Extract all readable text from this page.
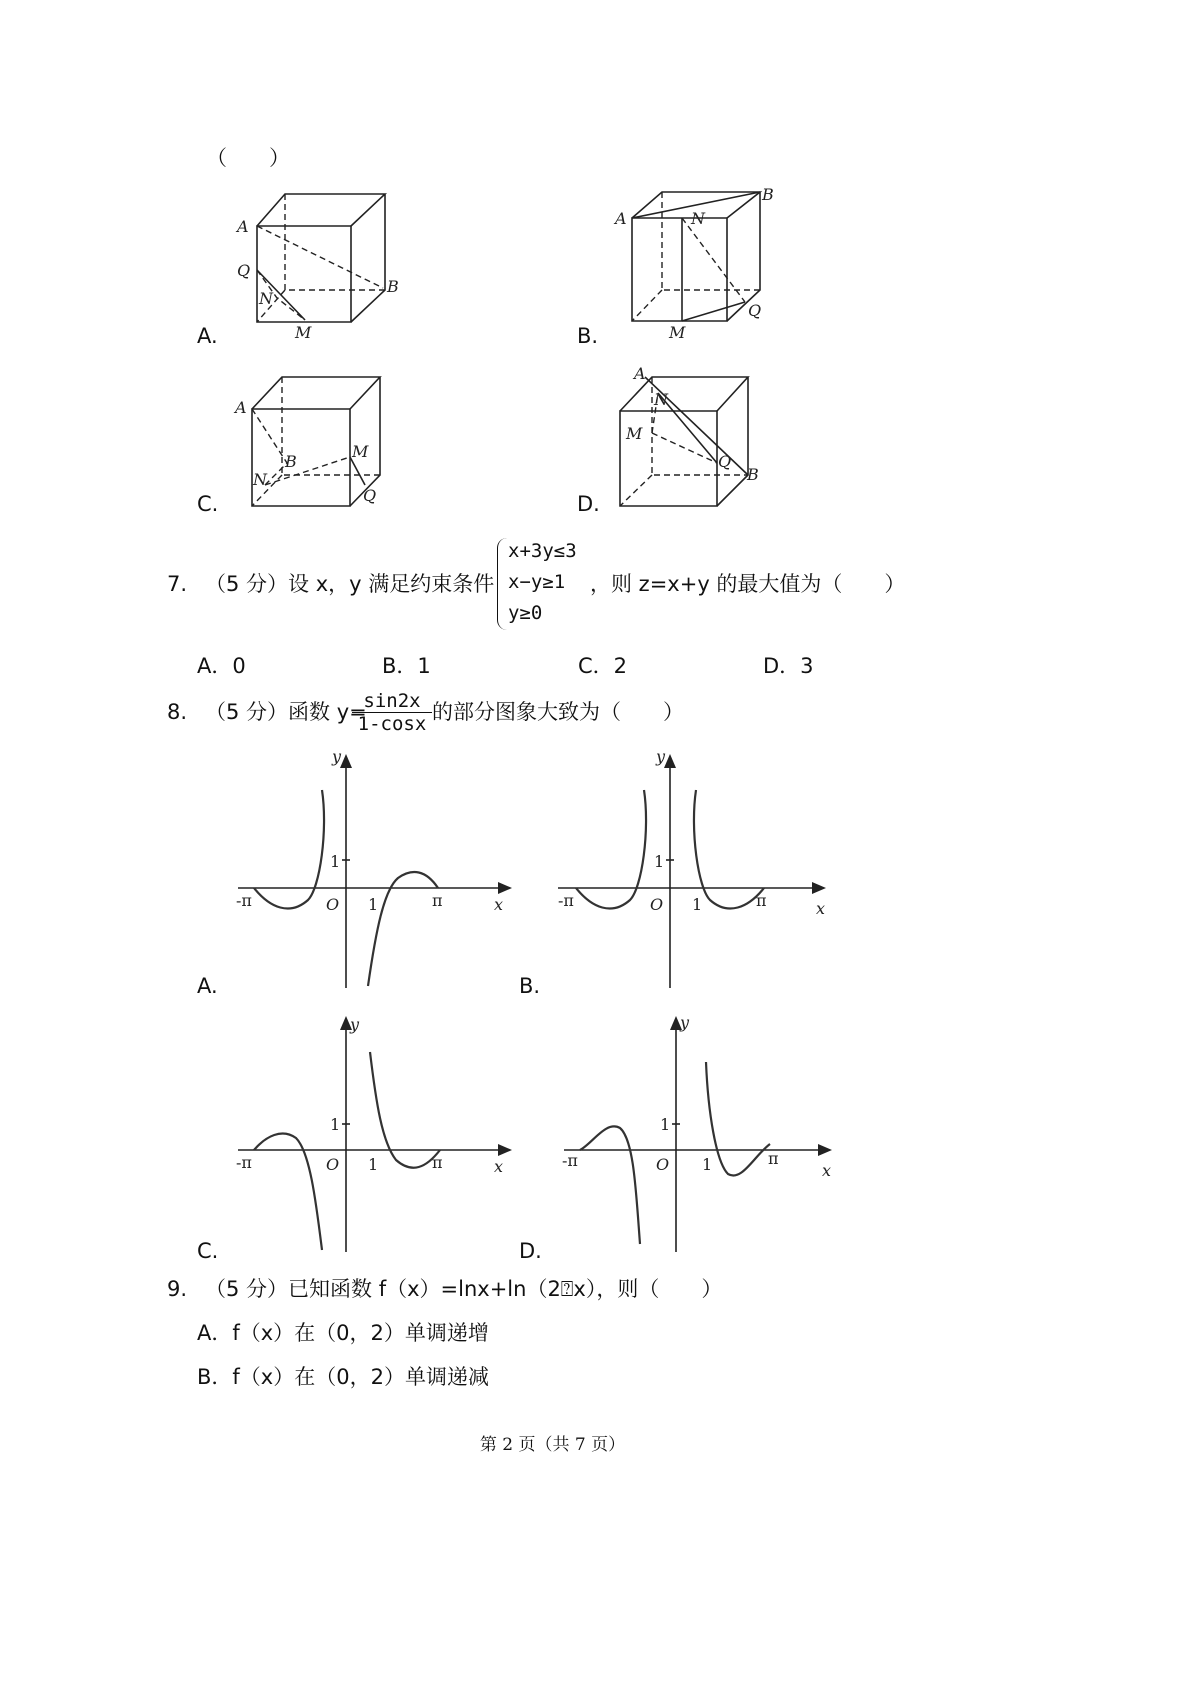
（　　）
A.	B.
C.	D.
A
B
Q
N
M
A
B
N
Q
M
A
B
M
N
Q
A
N
M
Q
B
7. （5 分）设 x，y 满足约束条件
x+3y≤3
x−y≥1
y≥0
，则 z=x+y 的最大值为（　　）
A．0	B．1	C．2	D．3
8. （5 分）函数 y=
$\frac{\sin 2x}{1-\cos x}$ 的部分图象大致为（　　）
y
x
O
1
1	π
-π
A.
y
x
O
1
1	π
-π
B.
y
x
O
1
1	π
-π
C.
y
x
O
1
1	π
-π
D.
9. （5 分）已知函数 f（x）=lnx+ln（2⍰x），则（　　）
A．f（x）在（0，2）单调递增
B．f（x）在（0，2）单调递减
第 2 页（共 7 页）
